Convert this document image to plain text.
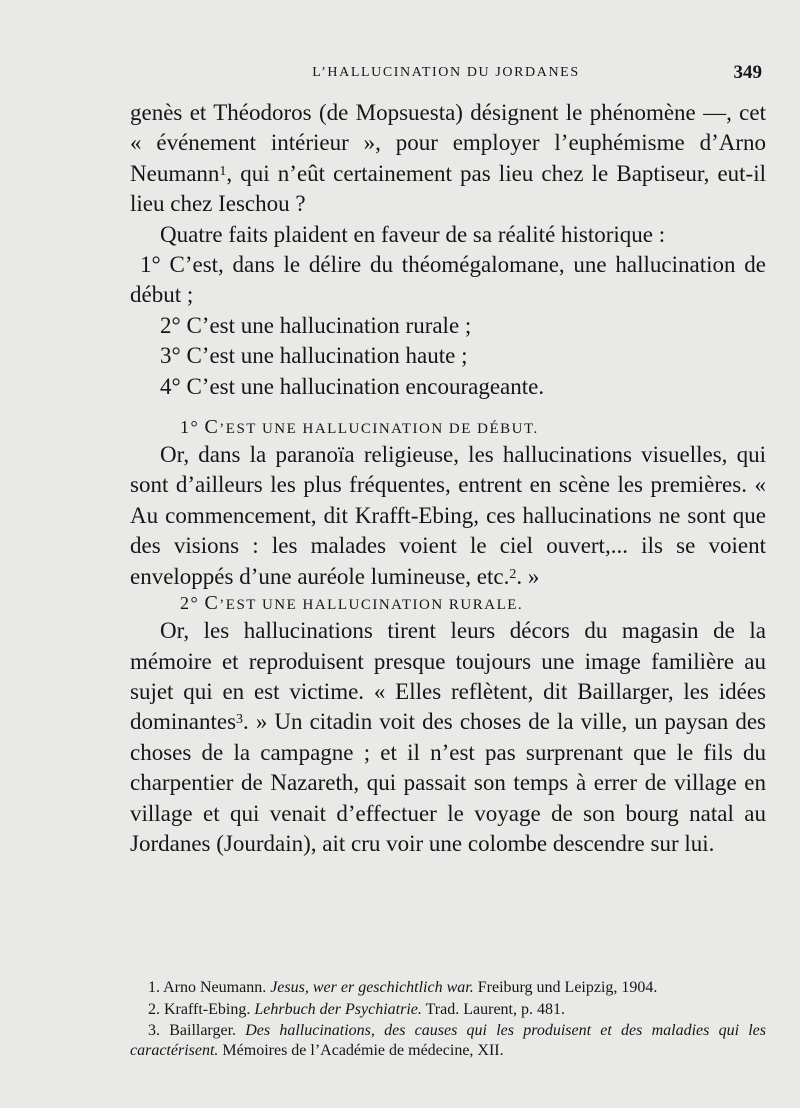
L’HALLUCINATION DU JORDANES	349

genès et Théodoros (de Mopsuesta) désignent le phénomène —, cet « événement intérieur », pour employer l’euphémisme d’Arno Neumann$^1$, qui n’eût certainement pas lieu chez le Baptiseur, eut-il lieu chez Ieschou ?

Quatre faits plaident en faveur de sa réalité historique :

1° C’est, dans le délire du théomégalomane, une hallucination de début ;

2° C’est une hallucination rurale ;

3° C’est une hallucination haute ;

4° C’est une hallucination encourageante.

1° C’EST UNE HALLUCINATION DE DÉBUT.

Or, dans la paranoïa religieuse, les hallucinations visuelles, qui sont d’ailleurs les plus fréquentes, entrent en scène les premières. « Au commencement, dit Krafft-Ebing, ces hallucinations ne sont que des visions : les malades voient le ciel ouvert,... ils se voient enveloppés d’une auréole lumineuse, etc.$^2$. »

2° C’EST UNE HALLUCINATION RURALE.

Or, les hallucinations tirent leurs décors du magasin de la mémoire et reproduisent presque toujours une image familière au sujet qui en est victime. « Elles reflètent, dit Baillarger, les idées dominantes$^3$. » Un citadin voit des choses de la ville, un paysan des choses de la campagne ; et il n’est pas surprenant que le fils du charpentier de Nazareth, qui passait son temps à errer de village en village et qui venait d’effectuer le voyage de son bourg natal au Jordanes (Jourdain), ait cru voir une colombe descendre sur lui.

1. Arno Neumann. Jesus, wer er geschichtlich war. Freiburg und Leipzig, 1904.

2. Krafft-Ebing. Lehrbuch der Psychiatrie. Trad. Laurent, p. 481.

3. Baillarger. Des hallucinations, des causes qui les produisent et des maladies qui les caractérisent. Mémoires de l’Académie de médecine, XII.
